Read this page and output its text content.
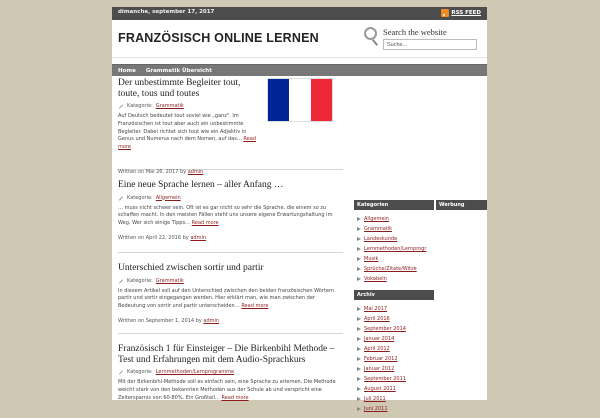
dimanche, september 17, 2017	RSS FEED
FRANZÖSISCH ONLINE LERNEN	Search the website
Suche...
Home Grammatik Übersicht
Der unbestimmte Begleiter tout, toute, tous und toutes
Kategorie: Grammatik

Auf Deutsch bedeutet tout soviel wie „ganz". Im Französischen ist tout aber auch ein unbestimmte Begleiter. Dabei richtet sich tout wie ein Adjektiv in Genus und Numerus nach dem Nomen, auf das… Read more

Written on Mai 26, 2017 by admin
Eine neue Sprache lernen – aller Anfang …
Kategorie: Allgemein

… muss nicht schwer sein. Oft ist es gar nicht so sehr die Sprache, die einem so zu schaffen macht. In den meisten Fällen steht uns unsere eigene Erwartungshaltung im Weg. Wer sich einige Tipps… Read more

Written on April 22, 2016 by admin
Unterschied zwischen sortir und partir
Kategorie: Grammatik

In diesem Artikel soll auf den Unterschied zwischen den beiden französischen Wörtern partir und sortir eingegangen werden. Hier erklärt man, wie man zwischen der Bedeutung von sortir und partir unterscheiden… Read more

Written on September 1, 2014 by admin
Französisch 1 für Einsteiger – Die Birkenbihl Methode – Test und Erfahrungen mit dem Audio-Sprachkurs
Kategorie: Lernmethoden/Lernprogramme

Mit der Birkenbihl-Methode soll es einfach sein, eine Sprache zu erlernen. Die Methode weicht stark von den bekannten Methoden aus der Schule ab und verspricht eine Zeitersparnis von 60-80%. Ein Großteil… Read more

Kategorien	Werbung
Allgemein
Grammatik
Landeskunde
Lernmethoden/Lernprogr
Musik
Sprüche/Zitate/Witze
Vokabeln
Archiv
Mai 2017
April 2016
September 2014
Januar 2014
April 2012
Februar 2012
Januar 2012
September 2011
August 2011
Juli 2011
Juni 2011
